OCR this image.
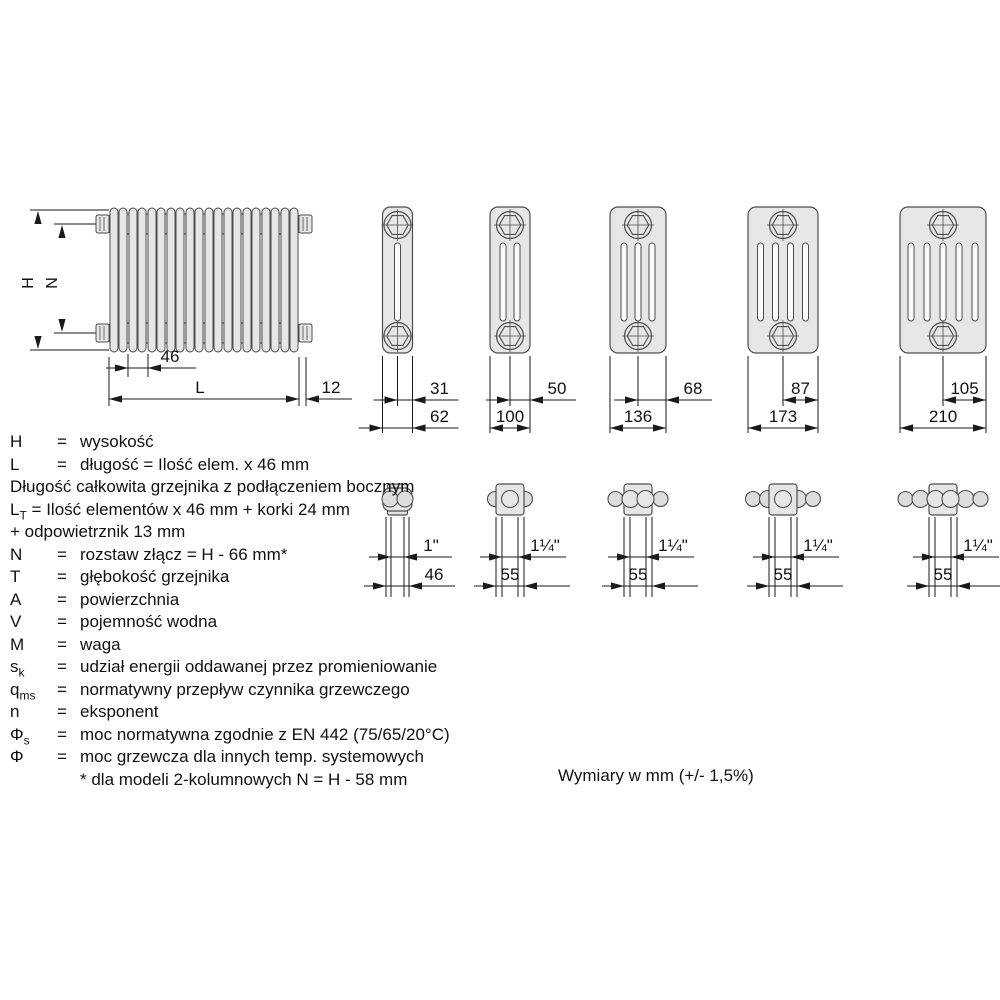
H N
46
L	12	31
62
1"
46
50
100
1¼"
55
68
136
1¼"
55
87
173
1¼"
55
105
210
1¼"
55
H	= wysokość
L	= długość = Ilość elem. x 46 mm
Długość całkowita grzejnika z podłączeniem bocznym
$L_T$ = Ilość elementów x 46 mm + korki 24 mm
+ odpowietrznik 13 mm
N	= rozstaw złącz = H - 66 mm*
T	= głębokość grzejnika
A	= powierzchnia
V	= pojemność wodna
M	= waga
$s_k$	= udział energii oddawanej przez promieniowanie
$q_{ms}$	= normatywny przepływ czynnika grzewczego
n	= eksponent
$\Phi_s$	= moc normatywna zgodnie z EN 442 (75/65/20°C)
Φ	= moc grzewcza dla innych temp. systemowych
* dla modeli 2-kolumnowych N = H - 58 mm	Wymiary w mm (+/- 1,5%)
